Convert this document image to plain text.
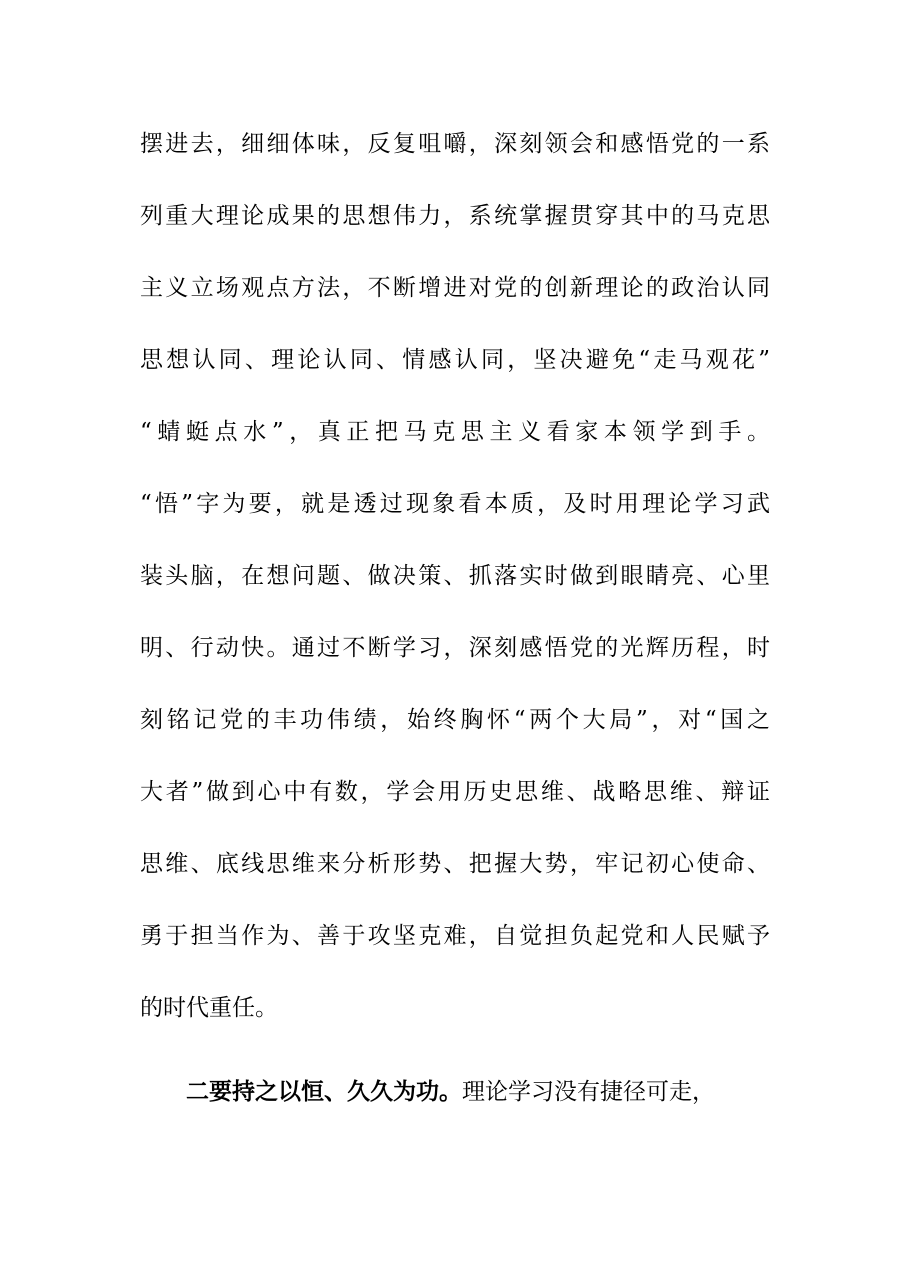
摆进去，细细体味，反复咀嚼，深刻领会和感悟党的一系
列重大理论成果的思想伟力，系统掌握贯穿其中的马克思
主义立场观点方法，不断增进对党的创新理论的政治认同
思想认同、理论认同、情感认同，坚决避免“走马观花”
“蜻蜓点水”，真正把马克思主义看家本领学到手。
“悟”字为要，就是透过现象看本质，及时用理论学习武
装头脑，在想问题、做决策、抓落实时做到眼睛亮、心里
明、行动快。通过不断学习，深刻感悟党的光辉历程，时
刻铭记党的丰功伟绩，始终胸怀“两个大局”，对“国之
大者”做到心中有数，学会用历史思维、战略思维、辩证
思维、底线思维来分析形势、把握大势，牢记初心使命、
勇于担当作为、善于攻坚克难，自觉担负起党和人民赋予
的时代重任。
二要持之以恒、久久为功。理论学习没有捷径可走，
